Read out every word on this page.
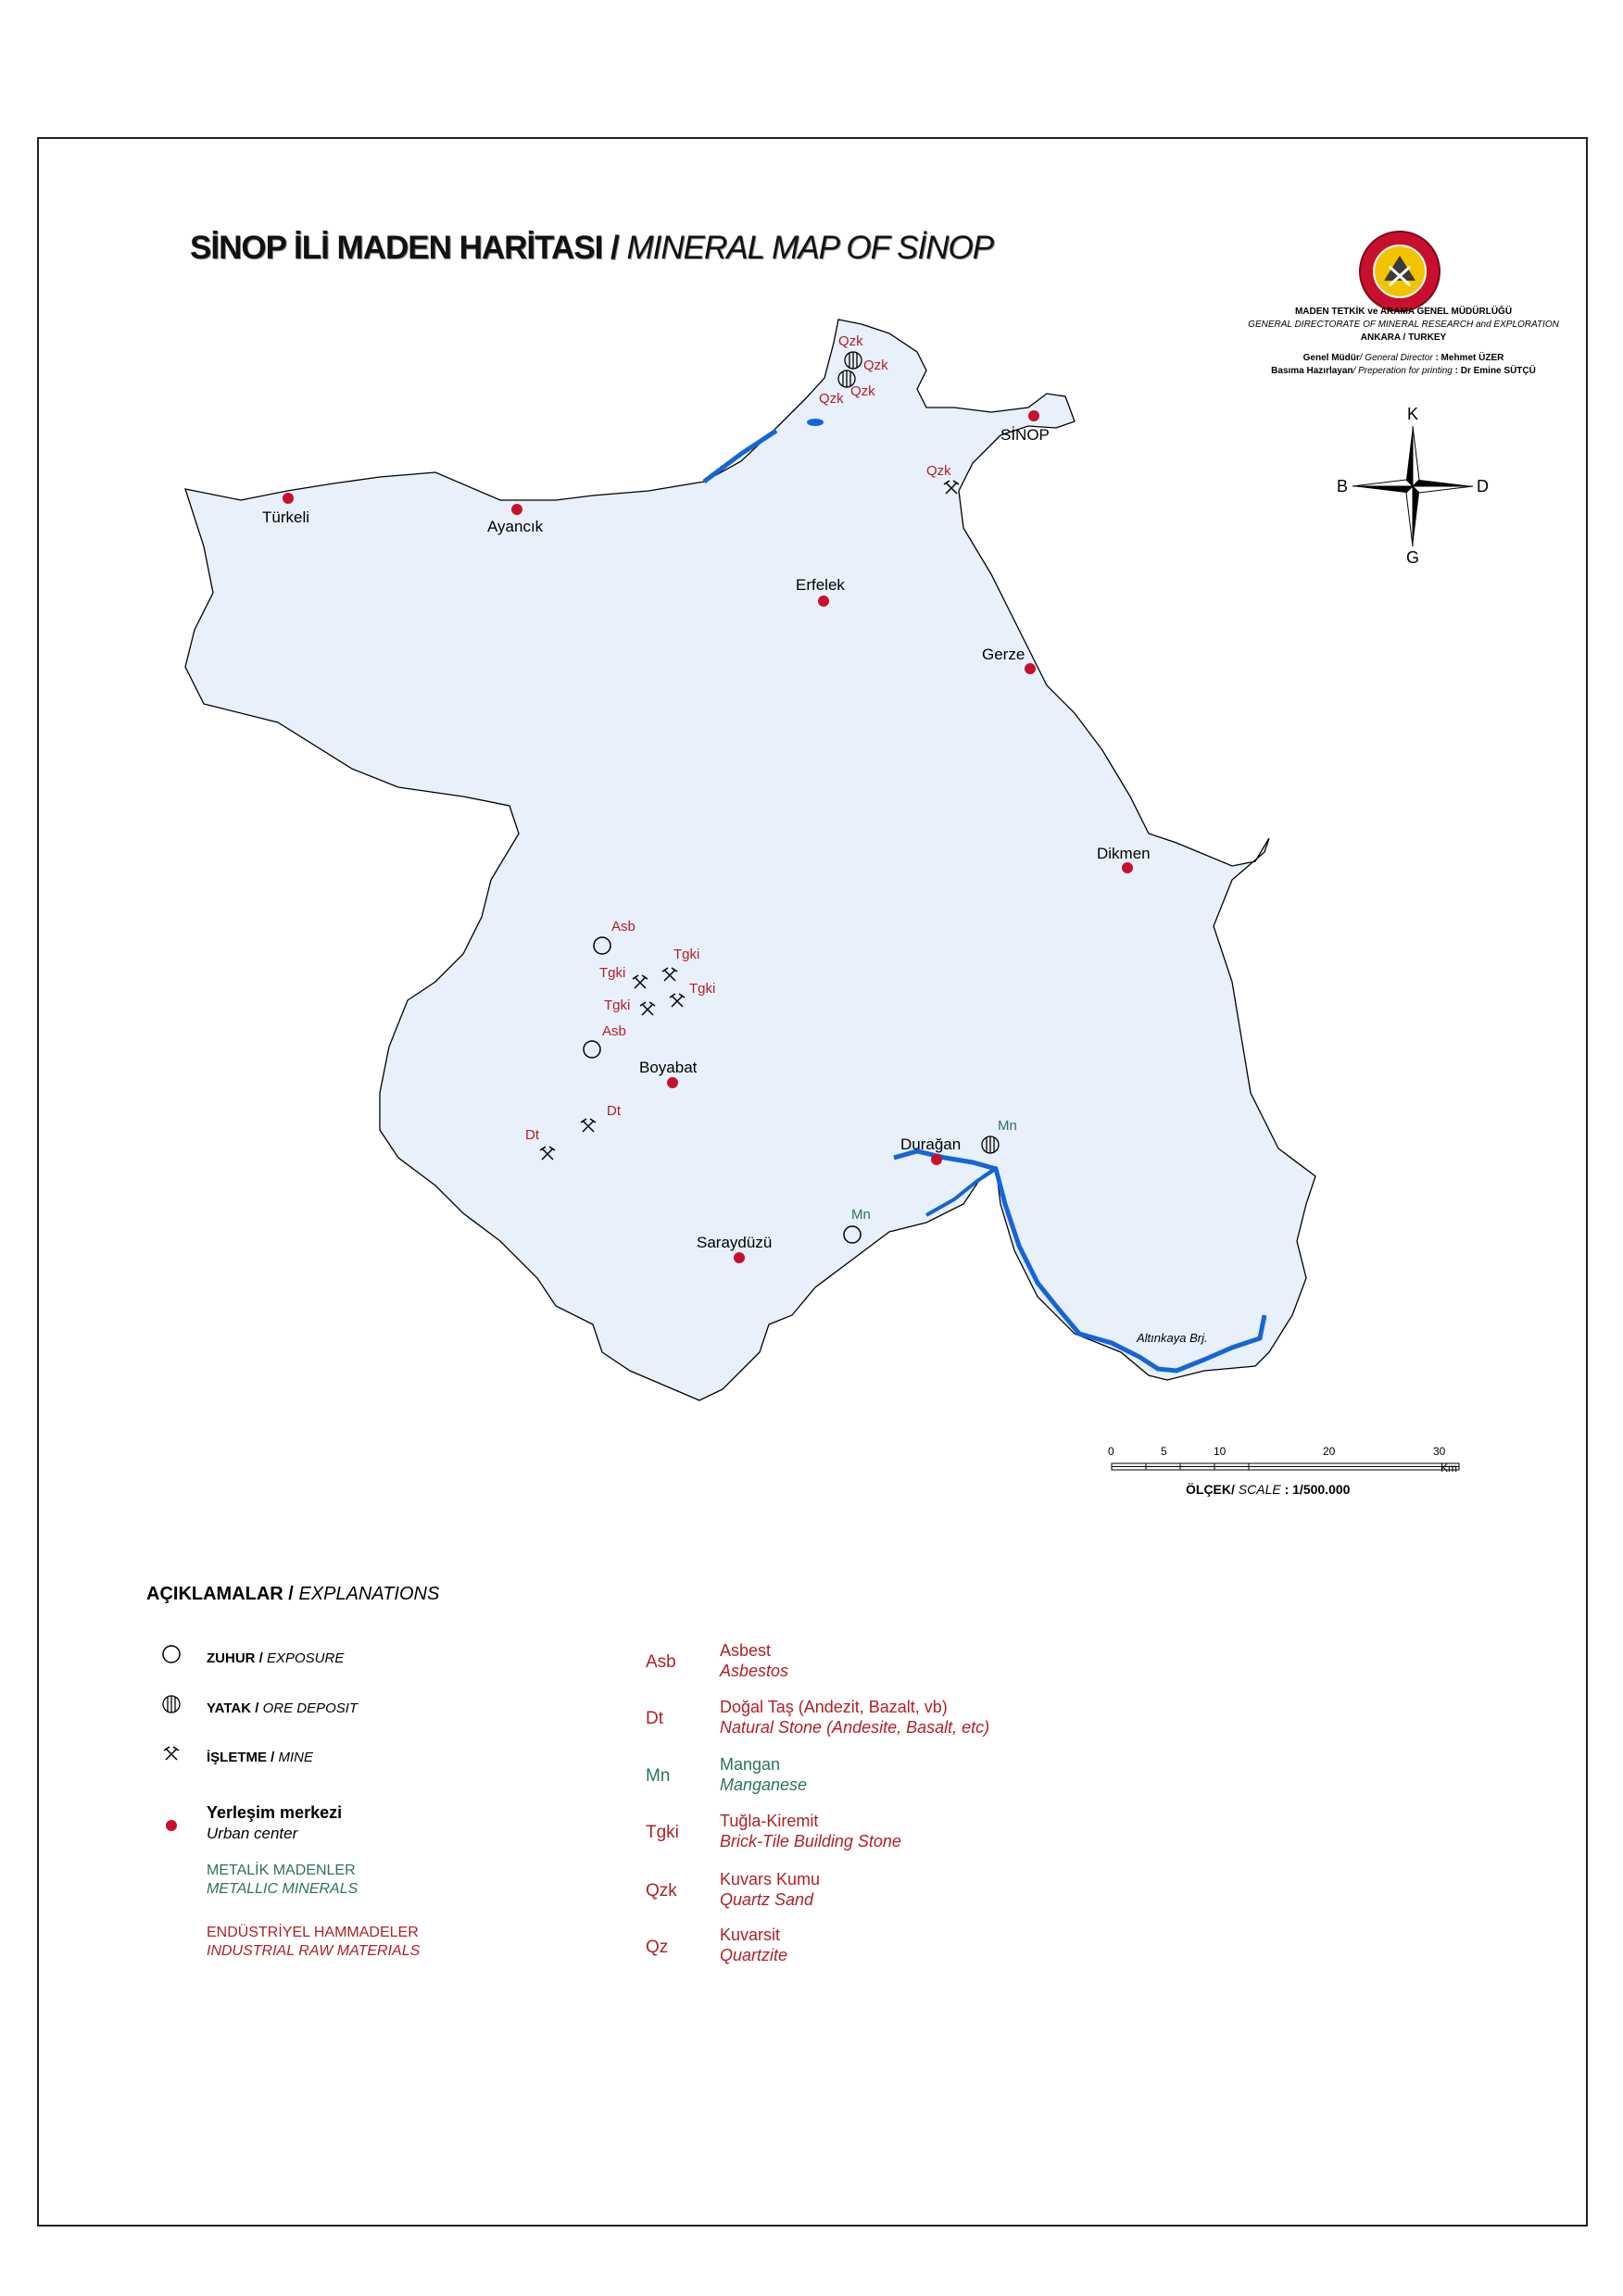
SİNOP İLİ MADEN HARİTASI / MINERAL MAP OF SİNOP
MADEN TETKİK ve ARAMA GENEL MÜDÜRLÜĞÜ
GENERAL DIRECTORATE OF MINERAL RESEARCH and EXPLORATION
ANKARA / TURKEY
Genel Müdür/ General Director : Mehmet ÜZER
Basıma Hazırlayan/ Preperation for printing : Dr Emine SÜTÇÜ
K
G
D
B
Türkeli
Ayancık
SİNOP
Erfelek
Gerze
Dikmen
Boyabat
Durağan
Saraydüzü
Altınkaya Brj.
Qzk
Qzk
Qzk
Qzk
Qzk
Asb
Asb
Tgki
Tgki
Tgki
Tgki
Dt
Dt
Mn
Mn
0	5	10	20	30
Km
ÖLÇEK/ SCALE : 1/500.000
AÇIKLAMALAR / EXPLANATIONS
ZUHUR / EXPOSURE
YATAK / ORE DEPOSIT
İŞLETME / MINE
Yerleşim merkezi
Urban center
METALİK MADENLER
METALLIC MINERALS
ENDÜSTRİYEL HAMMADELER
INDUSTRIAL RAW MATERIALS
Asb
Asbest
Asbestos
Dt
Doğal Taş (Andezit, Bazalt, vb)
Natural Stone (Andesite, Basalt, etc)
Mn
Mangan
Manganese
Tgki
Tuğla-Kiremit
Brick-Tile Building Stone
Qzk
Kuvars Kumu
Quartz Sand
Qz
Kuvarsit
Quartzite
